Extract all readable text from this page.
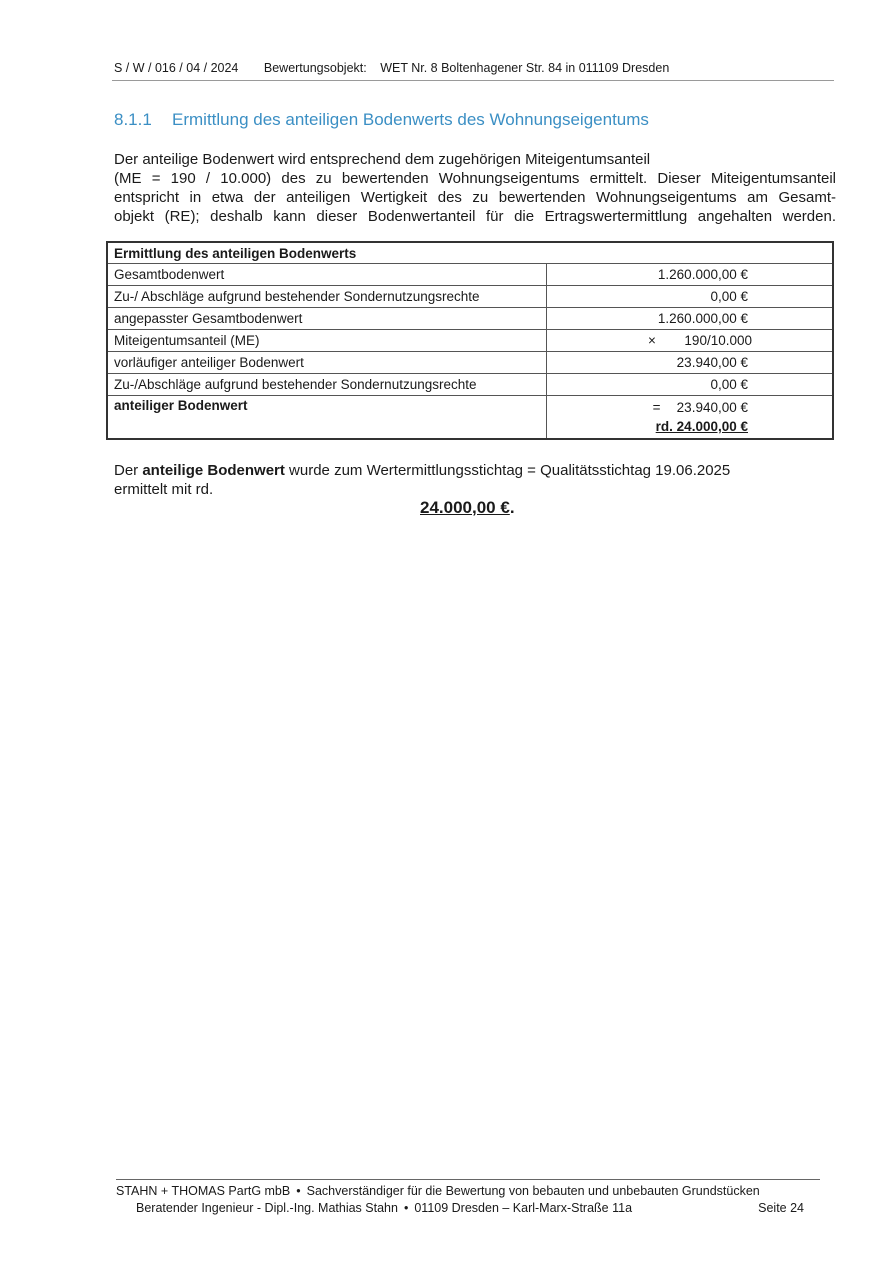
S / W / 016 / 04 / 2024 Bewertungsobjekt: WET Nr. 8 Boltenhagener Str. 84 in 011109 Dresden
8.1.1 Ermittlung des anteiligen Bodenwerts des Wohnungseigentums

Der anteilige Bodenwert wird entsprechend dem zugehörigen Miteigentumsanteil

(ME = 190 / 10.000) des zu bewertenden Wohnungseigentums ermittelt. Dieser Miteigentumsanteil

entspricht in etwa der anteiligen Wertigkeit des zu bewertenden Wohnungseigentums am Gesamt-

objekt (RE); deshalb kann dieser Bodenwertanteil für die Ertragswertermittlung angehalten werden.

Ermittlung des anteiligen Bodenwerts	
Gesamtbodenwert	1.260.000,00 €
Zu-/ Abschläge aufgrund bestehender Sondernutzungsrechte	0,00 €
angepasster Gesamtbodenwert	1.260.000,00 €
Miteigentumsanteil (ME)	× 190/10.000
vorläufiger anteiliger Bodenwert	23.940,00 €
Zu-/Abschläge aufgrund bestehender Sondernutzungsrechte	0,00 €
anteiliger Bodenwert	= 23.940,00 €
rd. 24.000,00 €

Der anteilige Bodenwert wurde zum Wertermittlungsstichtag = Qualitätsstichtag 19.06.2025

ermittelt mit rd.

24.000,00 €.
STAHN + THOMAS PartG mbB • Sachverständiger für die Bewertung von bebauten und unbebauten Grundstücken
Beratender Ingenieur - Dipl.-Ing. Mathias Stahn • 01109 Dresden – Karl-Marx-Straße 11a	Seite 24
